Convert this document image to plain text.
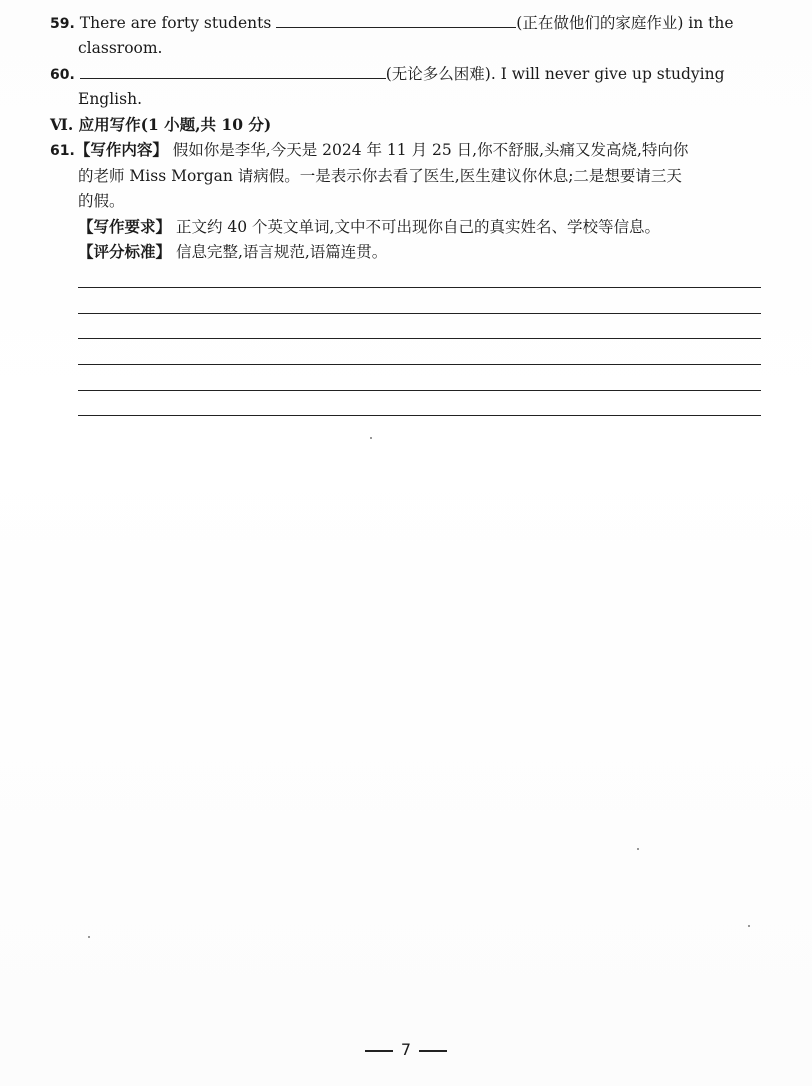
59. There are forty students	(正在做他们的家庭作业) in the
classroom.
60.	(无论多么困难). I will never give up studying
English.
Ⅵ. 应用写作(1 小题,共 10 分)
61.【写作内容】 假如你是李华,今天是 2024 年 11 月 25 日,你不舒服,头痛又发高烧,特向你
的老师 Miss Morgan 请病假。一是表示你去看了医生,医生建议你休息;二是想要请三天
的假。
【写作要求】 正文约 40 个英文单词,文中不可出现你自己的真实姓名、学校等信息。
【评分标准】 信息完整,语言规范,语篇连贯。
7
